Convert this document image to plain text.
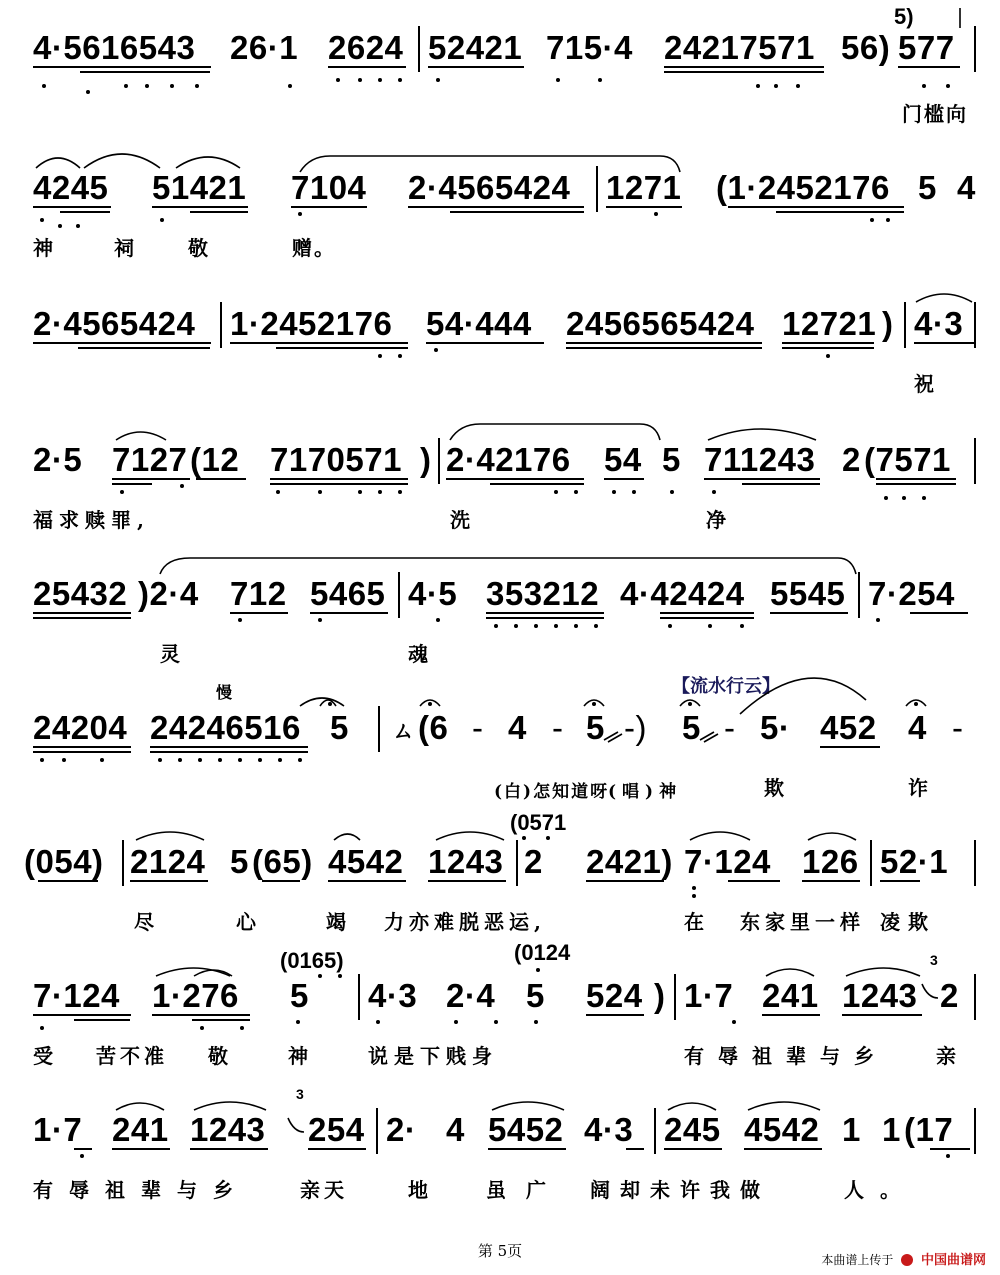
5)
4·5616543 26·1 2624 52421 715·4 24217571 56) 577
门槛向
4245 51421 7104 2·4565424 1271 (1·2452176 5 4
神 祠 敬	赠。
2·4565424 1·2452176 54·444 2456565424 12721 ) 4·3
祝
2·5 7127 (12 7170571 ) 2·42176 54 5 711243 2 (7571
福求赎罪,	洗	净
25432 )2·4 712 5465 4·5 353212 4·42424 5545 7·254
灵	魂
慢	【流水行云】
24204 24246516 5 ㄙ (6 - 4 - 5 -) 5 - 5· 452 4 -
(白)怎知道呀
(唱)神	欺	诈
(0571
(054) 2124 5 (65) 4542 1243 2 2421) 7·124 126 52·1
尽	心	竭 力亦难脱恶运,	在 东家里一样 凌欺
(0165)	(0124	3
7·124 1·276 5 4·3 2·4 5 524 ) 1·7 241 1243 2
受 苦不准 敬 神 说是下贱身	有辱祖辈与乡 亲
3
1·7 241 1243 254 2· 4 5452 4·3 245 4542 1 1 (17
有辱祖辈与乡	亲天	地 虽广 阔却未许我做	人。
第 5页	本曲谱上传于 中国曲谱网
